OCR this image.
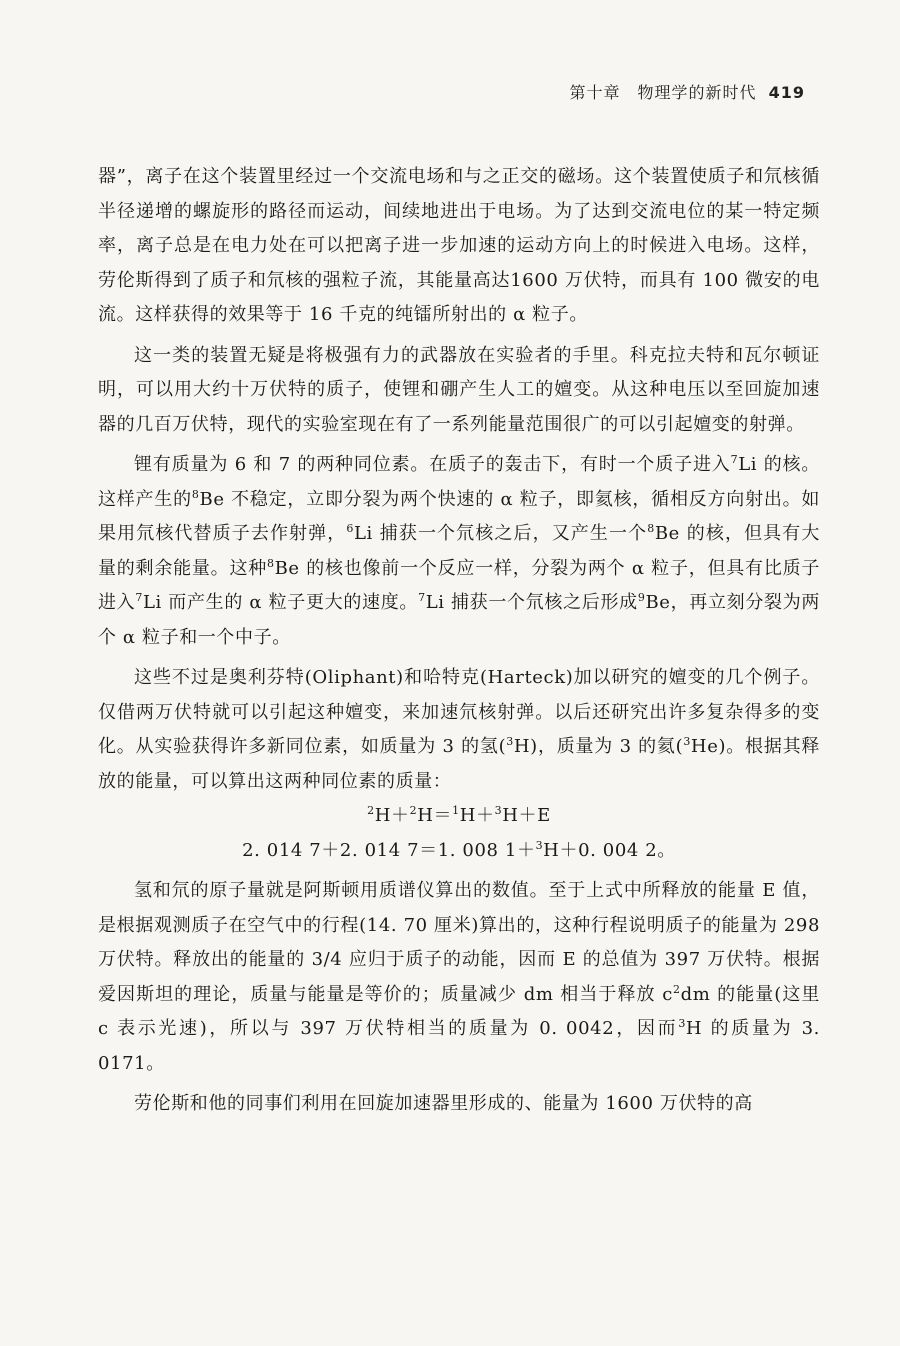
第十章　物理学的新时代 419

器”，离子在这个装置里经过一个交流电场和与之正交的磁场。这个装置使质子和氘核循半径递增的螺旋形的路径而运动，间续地进出于电场。为了达到交流电位的某一特定频率，离子总是在电力处在可以把离子进一步加速的运动方向上的时候进入电场。这样，劳伦斯得到了质子和氘核的强粒子流，其能量高达1600 万伏特，而具有 100 微安的电流。这样获得的效果等于 16 千克的纯镭所射出的 α 粒子。

这一类的装置无疑是将极强有力的武器放在实验者的手里。科克拉夫特和瓦尔顿证明，可以用大约十万伏特的质子，使锂和硼产生人工的嬗变。从这种电压以至回旋加速器的几百万伏特，现代的实验室现在有了一系列能量范围很广的可以引起嬗变的射弹。

锂有质量为 6 和 7 的两种同位素。在质子的轰击下，有时一个质子进入$^7$Li 的核。这样产生的$^8$Be 不稳定，立即分裂为两个快速的 α 粒子，即氦核，循相反方向射出。如果用氘核代替质子去作射弹，$^6$Li 捕获一个氘核之后，又产生一个$^8$Be 的核，但具有大量的剩余能量。这种$^8$Be 的核也像前一个反应一样，分裂为两个 α 粒子，但具有比质子进入$^7$Li 而产生的 α 粒子更大的速度。$^7$Li 捕获一个氘核之后形成$^9$Be，再立刻分裂为两个 α 粒子和一个中子。

这些不过是奥利芬特(Oliphant)和哈特克(Harteck)加以研究的嬗变的几个例子。仅借两万伏特就可以引起这种嬗变，来加速氘核射弹。以后还研究出许多复杂得多的变化。从实验获得许多新同位素，如质量为 3 的氢($^3$H)，质量为 3 的氦($^3$He)。根据其释放的能量，可以算出这两种同位素的质量：

$^2$H＋$^2$H＝$^1$H＋$^3$H＋E

2. 014 7＋2. 014 7＝1. 008 1＋$^3$H＋0. 004 2。

氢和氘的原子量就是阿斯顿用质谱仪算出的数值。至于上式中所释放的能量 E 值，是根据观测质子在空气中的行程(14. 70 厘米)算出的，这种行程说明质子的能量为 298 万伏特。释放出的能量的 3/4 应归于质子的动能，因而 E 的总值为 397 万伏特。根据爱因斯坦的理论，质量与能量是等价的；质量减少 dm 相当于释放 $c^2dm$ 的能量(这里 c 表示光速)，所以与 397 万伏特相当的质量为 0. 0042，因而$^3$H 的质量为 3. 0171。

劳伦斯和他的同事们利用在回旋加速器里形成的、能量为 1600 万伏特的高
